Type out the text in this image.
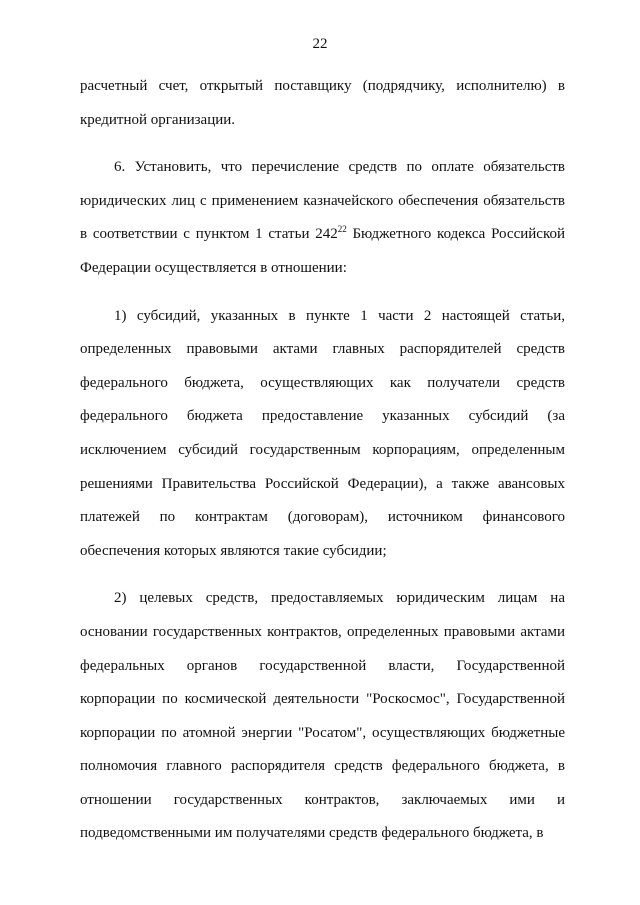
22

расчетный счет, открытый поставщику (подрядчику, исполнителю) в кредитной организации.

6. Установить, что перечисление средств по оплате обязательств юридических лиц с применением казначейского обеспечения обязательств в соответствии с пунктом 1 статьи $242^{22}$ Бюджетного кодекса Российской Федерации осуществляется в отношении:

1) субсидий, указанных в пункте 1 части 2 настоящей статьи, определенных правовыми актами главных распорядителей средств федерального бюджета, осуществляющих как получатели средств федерального бюджета предоставление указанных субсидий (за исключением субсидий государственным корпорациям, определенным решениями Правительства Российской Федерации), а также авансовых платежей по контрактам (договорам), источником финансового обеспечения которых являются такие субсидии;

2) целевых средств, предоставляемых юридическим лицам на основании государственных контрактов, определенных правовыми актами федеральных органов государственной власти, Государственной корпорации по космической деятельности "Роскосмос", Государственной корпорации по атомной энергии "Росатом", осуществляющих бюджетные полномочия главного распорядителя средств федерального бюджета, в отношении государственных контрактов, заключаемых ими и подведомственными им получателями средств федерального бюджета, в
